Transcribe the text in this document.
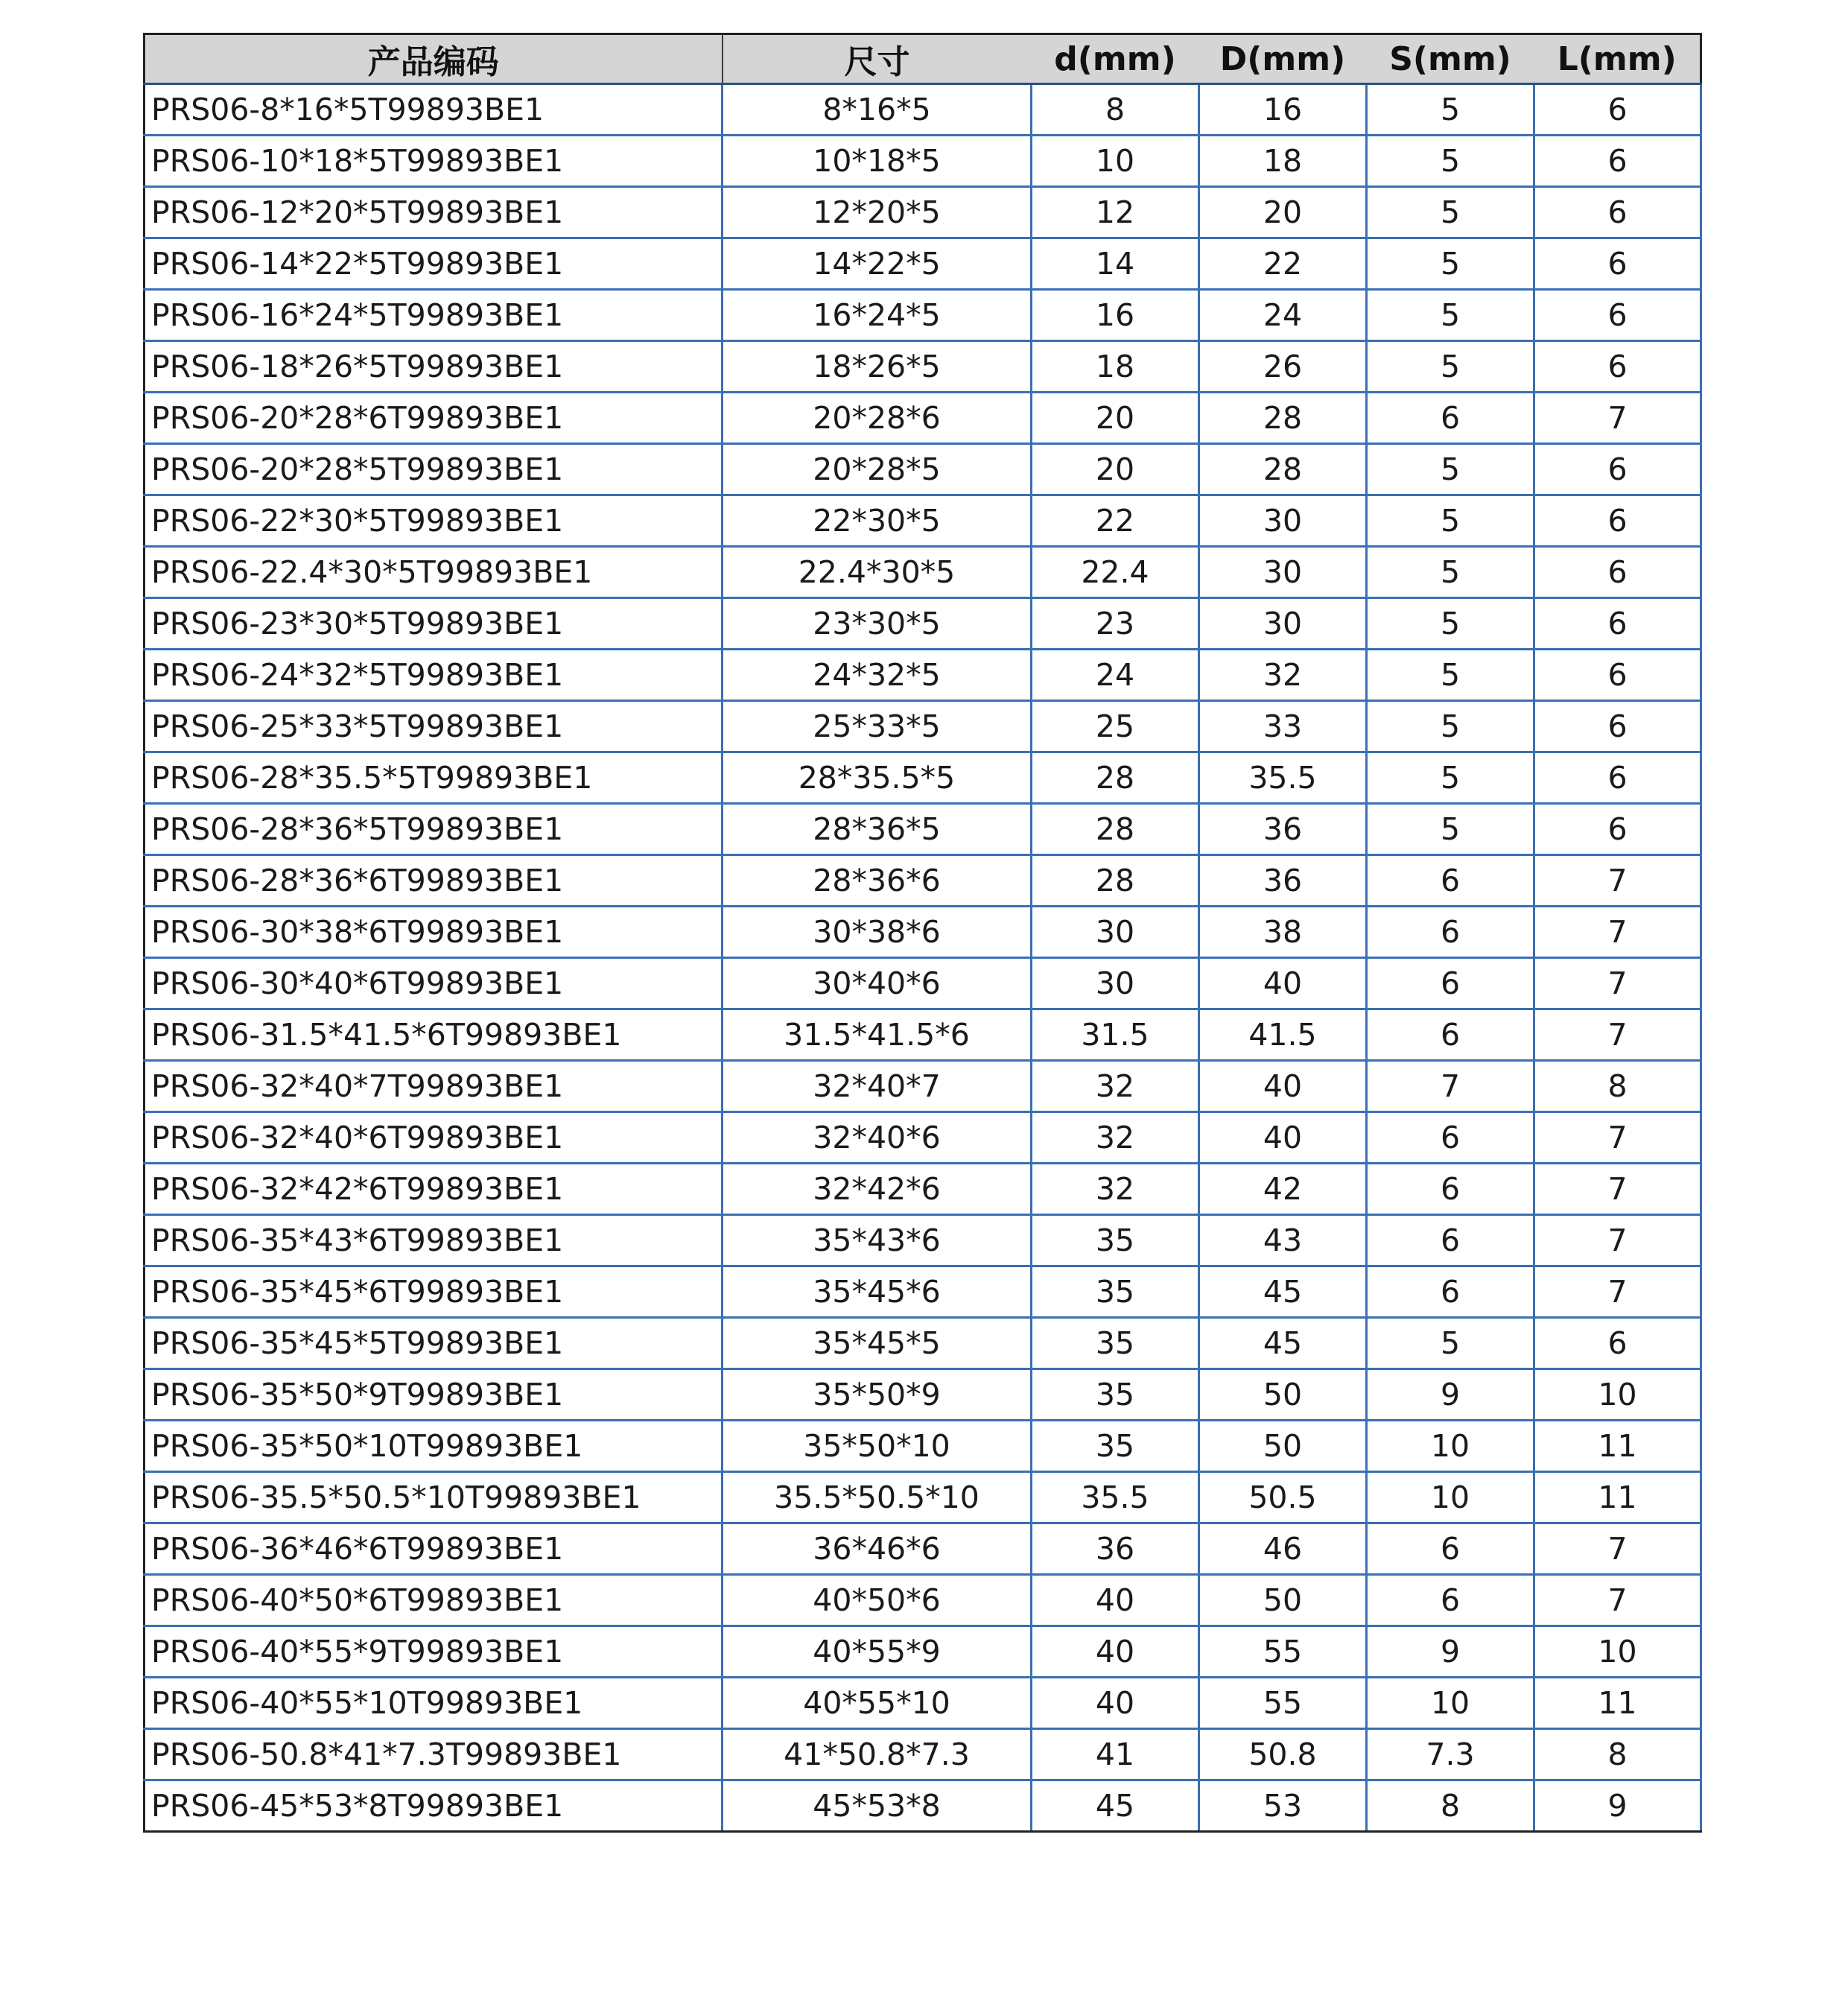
产品编码	尺寸	d(mm)	D(mm)	S(mm)	L(mm)
PRS06-8*16*5T99893BE1	8*16*5	8	16	5	6
PRS06-10*18*5T99893BE1	10*18*5	10	18	5	6
PRS06-12*20*5T99893BE1	12*20*5	12	20	5	6
PRS06-14*22*5T99893BE1	14*22*5	14	22	5	6
PRS06-16*24*5T99893BE1	16*24*5	16	24	5	6
PRS06-18*26*5T99893BE1	18*26*5	18	26	5	6
PRS06-20*28*6T99893BE1	20*28*6	20	28	6	7
PRS06-20*28*5T99893BE1	20*28*5	20	28	5	6
PRS06-22*30*5T99893BE1	22*30*5	22	30	5	6
PRS06-22.4*30*5T99893BE1	22.4*30*5	22.4	30	5	6
PRS06-23*30*5T99893BE1	23*30*5	23	30	5	6
PRS06-24*32*5T99893BE1	24*32*5	24	32	5	6
PRS06-25*33*5T99893BE1	25*33*5	25	33	5	6
PRS06-28*35.5*5T99893BE1	28*35.5*5	28	35.5	5	6
PRS06-28*36*5T99893BE1	28*36*5	28	36	5	6
PRS06-28*36*6T99893BE1	28*36*6	28	36	6	7
PRS06-30*38*6T99893BE1	30*38*6	30	38	6	7
PRS06-30*40*6T99893BE1	30*40*6	30	40	6	7
PRS06-31.5*41.5*6T99893BE1	31.5*41.5*6	31.5	41.5	6	7
PRS06-32*40*7T99893BE1	32*40*7	32	40	7	8
PRS06-32*40*6T99893BE1	32*40*6	32	40	6	7
PRS06-32*42*6T99893BE1	32*42*6	32	42	6	7
PRS06-35*43*6T99893BE1	35*43*6	35	43	6	7
PRS06-35*45*6T99893BE1	35*45*6	35	45	6	7
PRS06-35*45*5T99893BE1	35*45*5	35	45	5	6
PRS06-35*50*9T99893BE1	35*50*9	35	50	9	10
PRS06-35*50*10T99893BE1	35*50*10	35	50	10	11
PRS06-35.5*50.5*10T99893BE1	35.5*50.5*10	35.5	50.5	10	11
PRS06-36*46*6T99893BE1	36*46*6	36	46	6	7
PRS06-40*50*6T99893BE1	40*50*6	40	50	6	7
PRS06-40*55*9T99893BE1	40*55*9	40	55	9	10
PRS06-40*55*10T99893BE1	40*55*10	40	55	10	11
PRS06-50.8*41*7.3T99893BE1	41*50.8*7.3	41	50.8	7.3	8
PRS06-45*53*8T99893BE1	45*53*8	45	53	8	9
